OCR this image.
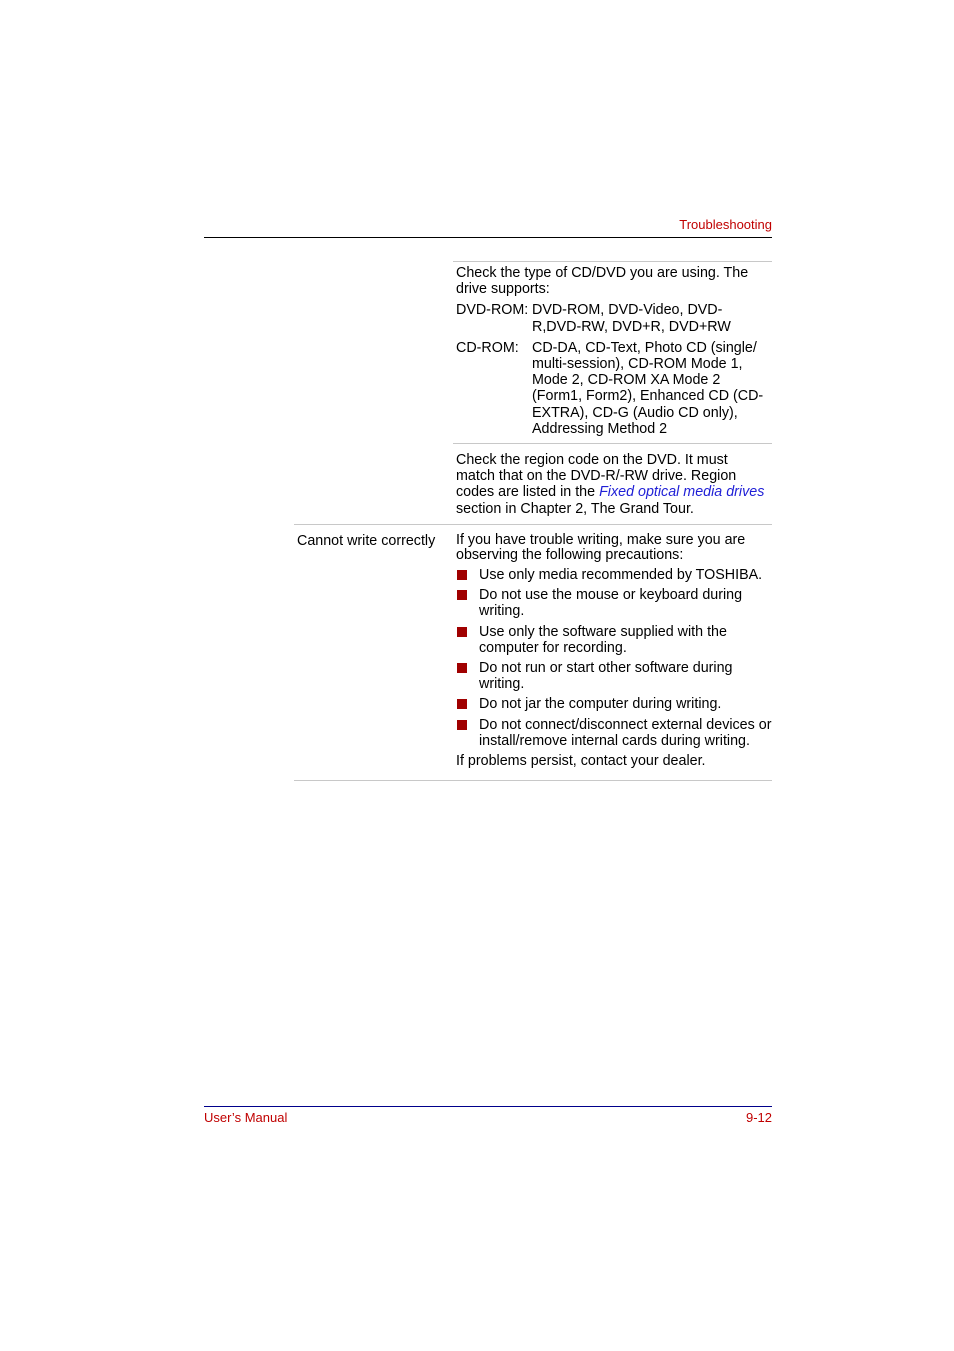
Troubleshooting

Check the type of CD/DVD you are using. The drive supports:

DVD-ROM: DVD-ROM, DVD-Video, DVD-R,DVD-RW, DVD+R, DVD+RW
CD-ROM: CD-DA, CD-Text, Photo CD (single/ multi-session), CD-ROM Mode 1, Mode 2, CD-ROM XA Mode 2 (Form1, Form2), Enhanced CD (CD-EXTRA), CD-G (Audio CD only), Addressing Method 2

Check the region code on the DVD. It must match that on the DVD-R/-RW drive. Region codes are listed in the Fixed optical media drives section in Chapter 2, The Grand Tour.

Cannot write correctly	If you have trouble writing, make sure you are observing the following precautions:

Use only media recommended by TOSHIBA.
Do not use the mouse or keyboard during writing.
Use only the software supplied with the computer for recording.
Do not run or start other software during writing.
Do not jar the computer during writing.
Do not connect/disconnect external devices or install/remove internal cards during writing.

If problems persist, contact your dealer.

User’s Manual	9-12
